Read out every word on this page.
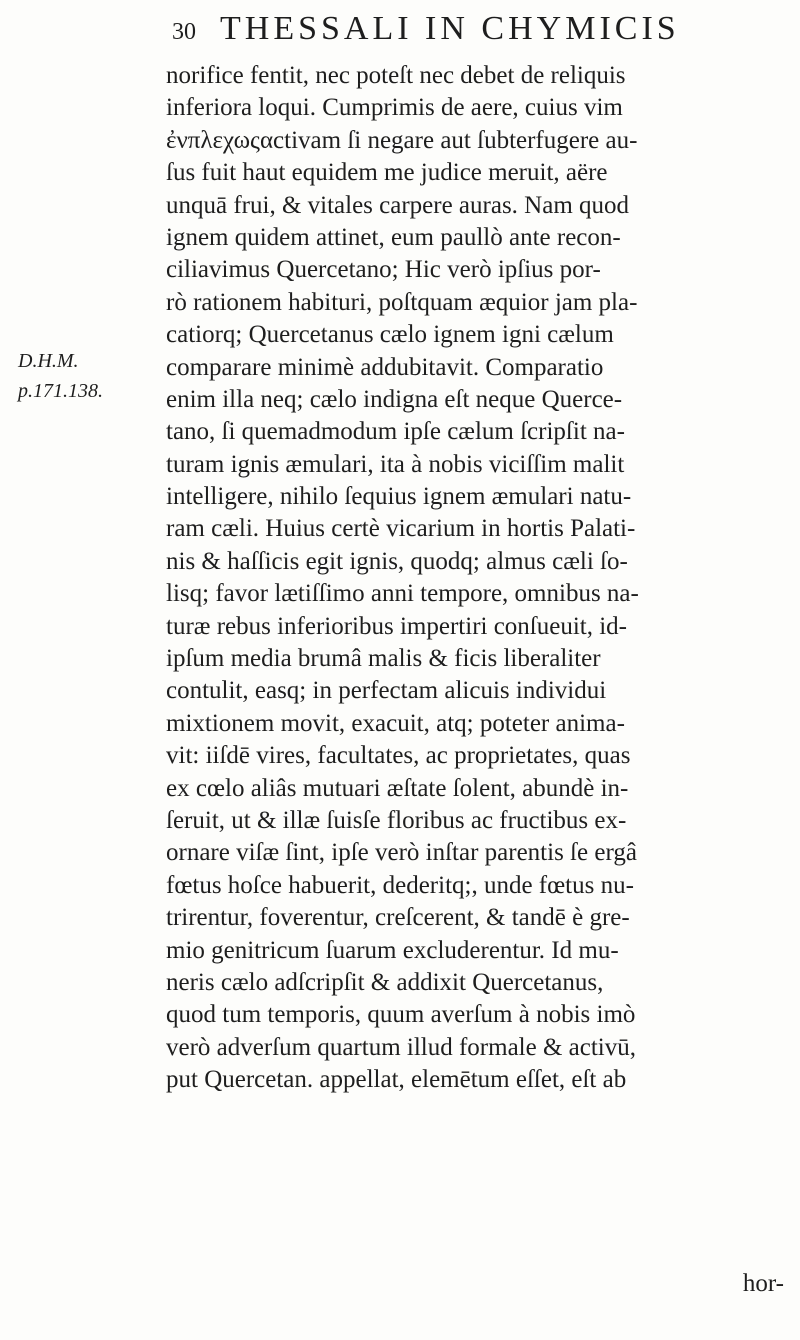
30 THESSALI IN CHYMICIS
D.H.M.
p.171.138.
norifice fentit, nec poteſt nec debet de reliquis
inferiora loqui. Cumprimis de aere, cuius vim
ἐνπλεχωςαctivam ſi negare aut ſubterfugere au-
ſus fuit haut equidem me judice meruit, aëre
unquā frui, & vitales carpere auras. Nam quod
ignem quidem attinet, eum paullò ante recon-
ciliavimus Quercetano; Hic verò ipſius por-
rò rationem habituri, poſtquam æquior jam pla-
catiorq; Quercetanus cælo ignem igni cælum
comparare minimè addubitavit. Comparatio
enim illa neq; cælo indigna eſt neque Querce-
tano, ſi quemadmodum ipſe cælum ſcripſit na-
turam ignis æmulari, ita à nobis viciſſim malit
intelligere, nihilo ſequius ignem æmulari natu-
ram cæli. Huius certè vicarium in hortis Palati-
nis & haſſicis egit ignis, quodq; almus cæli ſo-
lisq; favor lætiſſimo anni tempore, omnibus na-
turæ rebus inferioribus impertiri conſueuit, id-
ipſum media brumâ malis & ficis liberaliter
contulit, easq; in perfectam alicuis individui
mixtionem movit, exacuit, atq; poteter anima-
vit: iiſdē vires, facultates, ac proprietates, quas
ex cœlo aliâs mutuari æſtate ſolent, abundè in-
ſeruit, ut & illæ ſuisſe floribus ac fructibus ex-
ornare viſæ ſint, ipſe verò inſtar parentis ſe ergâ
fœtus hoſce habuerit, dederitq;, unde fœtus nu-
trirentur, foverentur, creſcerent, & tandē è gre-
mio genitricum ſuarum excluderentur. Id mu-
neris cælo adſcripſit & addixit Quercetanus,
quod tum temporis, quum averſum à nobis imò
verò adverſum quartum illud formale & activū,
put Quercetan. appellat, elemētum eſſet, eſt ab
hor-
